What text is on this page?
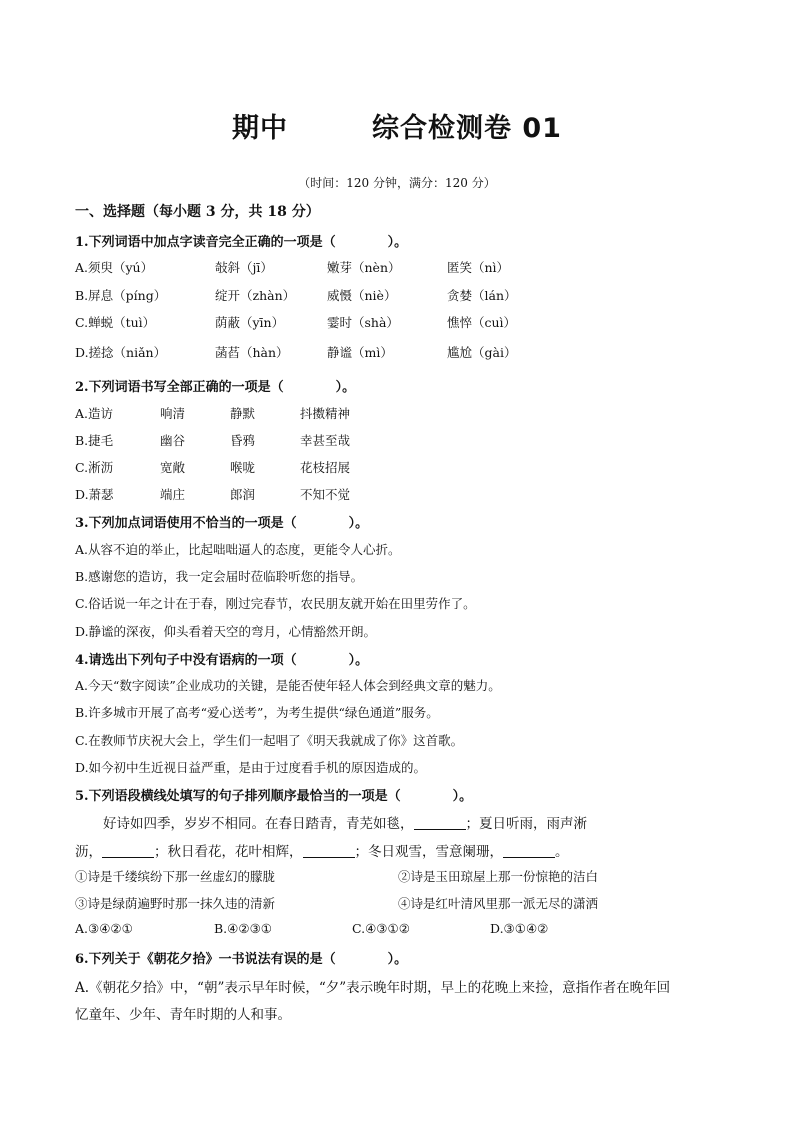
期中　　　综合检测卷 01
（时间：120 分钟，满分：120 分）
一、选择题（每小题 3 分，共 18 分）
1.下列词语中加点字读音完全正确的一项是（　　　　）。
A.须臾（yú）	敧斜（jī）	嫩芽（nèn）	匿笑（nì）
B.屏息（píng）	绽开（zhàn）	威慑（niè）	贪婪（lán）
C.蝉蜕（tuì）	荫蔽（yīn）	霎时（shà）	憔悴（cuì）
D.搓捻（niǎn）	菡萏（hàn）	静谧（mì）	尴尬（gài）
2.下列词语书写全部正确的一项是（　　　　）。
A.造访	响清	静默	抖擞精神
B.捷毛	幽谷	昏鸦	幸甚至哉
C.淅沥	宽敞	喉咙	花枝招展
D.萧瑟	端庄	郎润	不知不觉
3.下列加点词语使用不恰当的一项是（　　　　）。
A.从容不迫的举止，比起咄咄逼人的态度，更能令人心折。
B.感谢您的造访，我一定会届时莅临聆听您的指导。
C.俗话说一年之计在于春，刚过完春节，农民朋友就开始在田里劳作了。
D.静谧的深夜，仰头看着天空的弯月，心情豁然开朗。
4.请选出下列句子中没有语病的一项（　　　　）。
A.今天“数字阅读”企业成功的关键，是能否使年轻人体会到经典文章的魅力。
B.许多城市开展了高考“爱心送考”，为考生提供“绿色通道”服务。
C.在教师节庆祝大会上，学生们一起唱了《明天我就成了你》这首歌。
D.如今初中生近视日益严重，是由于过度看手机的原因造成的。
5.下列语段横线处填写的句子排列顺序最恰当的一项是（　　　　）。
好诗如四季，岁岁不相同。在春日踏青，青芜如毯，	；夏日听雨，雨声淅
沥，	；秋日看花，花叶相辉，	；冬日观雪，雪意阑珊，	。
①诗是千缕缤纷下那一丝虚幻的朦胧	②诗是玉田琼屋上那一份惊艳的洁白
③诗是绿荫遍野时那一抹久违的清新	④诗是红叶清风里那一派无尽的潇洒
A.③④②①	B.④②③①	C.④③①②	D.③①④②
6.下列关于《朝花夕拾》一书说法有误的是（　　　　）。
A.《朝花夕拾》中，“朝”表示早年时候，“夕”表示晚年时期，早上的花晚上来捡，意指作者在晚年回
忆童年、少年、青年时期的人和事。
